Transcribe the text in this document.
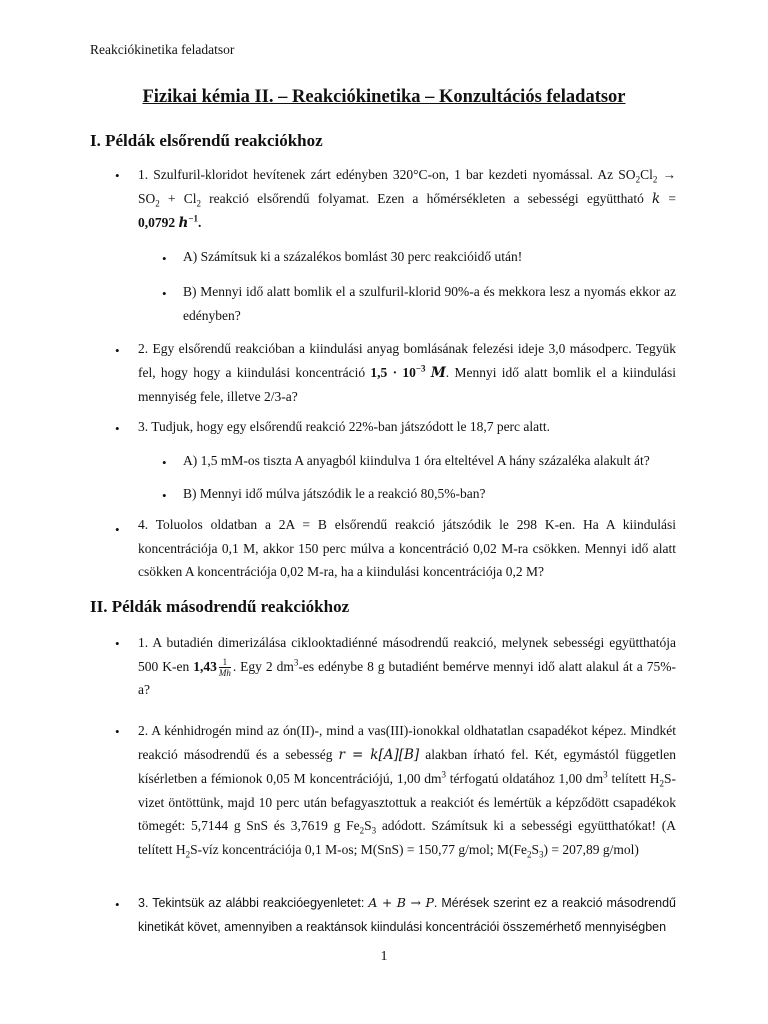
Reakciókinetika feladatsor
Fizikai kémia II. – Reakciókinetika – Konzultációs feladatsor
I. Példák elsőrendű reakciókhoz
• 1. Szulfuril-kloridot hevítenek zárt edényben 320°C-on, 1 bar kezdeti nyomással. Az $SO_2Cl_2 \to SO_2 + Cl_2$ reakció elsőrendű folyamat. Ezen a hőmérsékleten a sebességi együttható k = 0,0792 $h^{-1}$.
• A) Számítsuk ki a százalékos bomlást 30 perc reakcióidő után!
• B) Mennyi idő alatt bomlik el a szulfuril-klorid 90%-a és mekkora lesz a nyomás ekkor az edényben?
• 2. Egy elsőrendű reakcióban a kiindulási anyag bomlásának felezési ideje 3,0 másodperc. Tegyük fel, hogy hogy a kiindulási koncentráció $1,5 \cdot 10^{-3}$ M. Mennyi idő alatt bomlik el a kiindulási mennyiség fele, illetve 2/3-a?
• 3. Tudjuk, hogy egy elsőrendű reakció 22%-ban játszódott le 18,7 perc alatt.
• A) 1,5 mM-os tiszta A anyagból kiindulva 1 óra elteltével A hány százaléka alakult át?
• B) Mennyi idő múlva játszódik le a reakció 80,5%-ban?
• 4. Toluolos oldatban a 2A = B elsőrendű reakció játszódik le 298 K-en. Ha A kiindulási koncentrációja 0,1 M, akkor 150 perc múlva a koncentráció 0,02 M-ra csökken. Mennyi idő alatt csökken A koncentrációja 0,02 M-ra, ha a kiindulási koncentrációja 0,2 M?
II. Példák másodrendű reakciókhoz
• 1. A butadién dimerizálása ciklooktadiénné másodrendű reakció, melynek sebességi együtthatója 500 K-en $1,43 \frac{1}{Mh}$ . Egy 2 $dm^3-es$ edénybe 8 g butadiént bemérve mennyi idő alatt alakul át a 75%-a?
• 2. A kénhidrogén mind az ón(II)-, mind a vas(III)-ionokkal oldhatatlan csapadékot képez. Mindkét reakció másodrendű és a sebesség r = k[A][B] alakban írható fel. Két, egymástól független kísérletben a fémionok 0,05 M koncentrációjú, 1,00 $dm^3$ térfogatú oldatához 1,00 $dm^3$ telített $H_2S$-vizet öntöttünk, majd 10 perc után befagyasztottuk a reakciót és lemértük a képződött csapadékok tömegét: 5,7144 g SnS és 3,7619 g $Fe_2S_3$ adódott. Számítsuk ki a sebességi együtthatókat! (A telített $H_2S$-víz koncentrációja 0,1 M-os; M(SnS) = 150,77 g/mol; $M(Fe_2S_3) = 207,89$ g/mol)
• 3. Tekintsük az alábbi reakcióegyenletet: A + B → P. Mérések szerint ez a reakció másodrendű kinetikát követ, amennyiben a reaktánsok kiindulási koncentrációi összemérhető mennyiségben
1
